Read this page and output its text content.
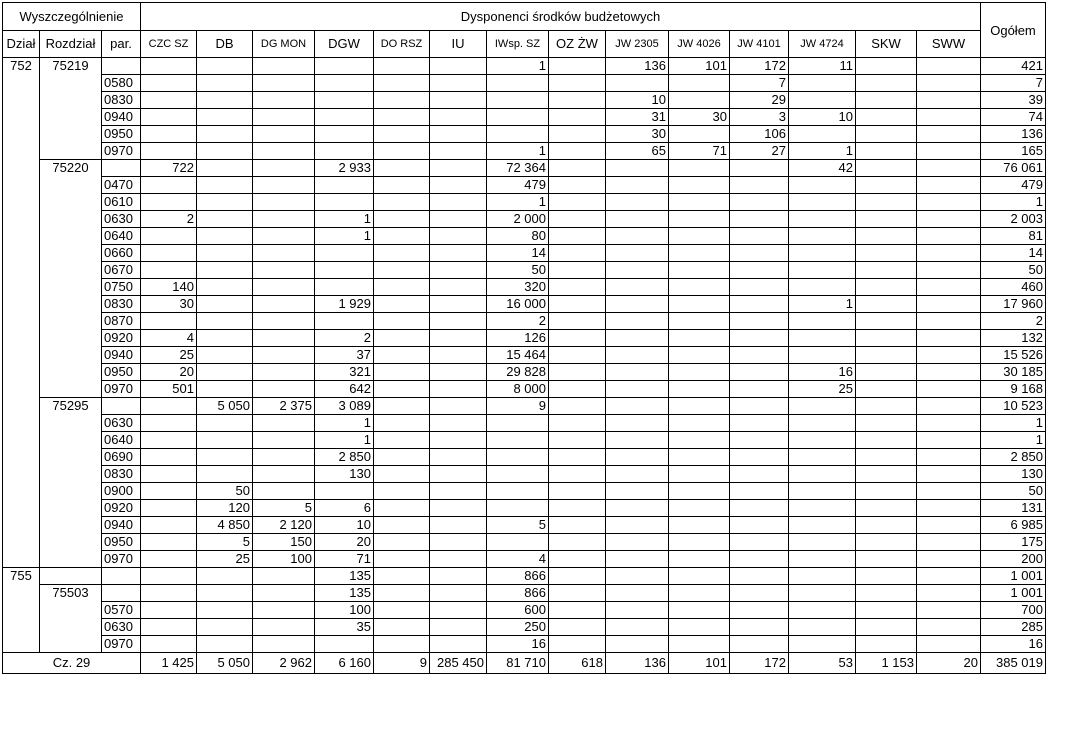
Wyszczególnienie			Dysponenci środków budżetowych														Ogółem
Dział	Rozdział	par.	CZC SZ	DB	DG MON	DGW	DO RSZ	IU	IWsp. SZ	OZ ŻW	JW 2305	JW 4026	JW 4101	JW 4724	SKW	SWW	
752	75219								1		136	101	172	11			421
		0580											7				7
		0830									10		29				39
		0940									31	30	3	10			74
		0950									30		106				136
		0970							1		65	71	27	1			165
	75220		722			2 933			72 364					42			76 061
		0470							479								479
		0610							1								1
		0630	2			1			2 000								2 003
		0640				1			80								81
		0660							14								14
		0670							50								50
		0750	140						320								460
		0830	30			1 929			16 000					1			17 960
		0870							2								2
		0920	4			2			126								132
		0940	25			37			15 464								15 526
		0950	20			321			29 828					16			30 185
		0970	501			642			8 000					25			9 168
	75295			5 050	2 375	3 089			9								10 523
		0630				1											1
		0640				1											1
		0690				2 850											2 850
		0830				130											130
		0900		50													50
		0920		120	5	6											131
		0940		4 850	2 120	10			5								6 985
		0950		5	150	20											175
		0970		25	100	71			4								200
755						135			866								1 001
	75503					135			866								1 001
		0570				100			600								700
		0630				35			250								285
		0970							16								16
Cz. 29			1 425	5 050	2 962	6 160	9	285 450	81 710	618	136	101	172	53	1 153	20	385 019
